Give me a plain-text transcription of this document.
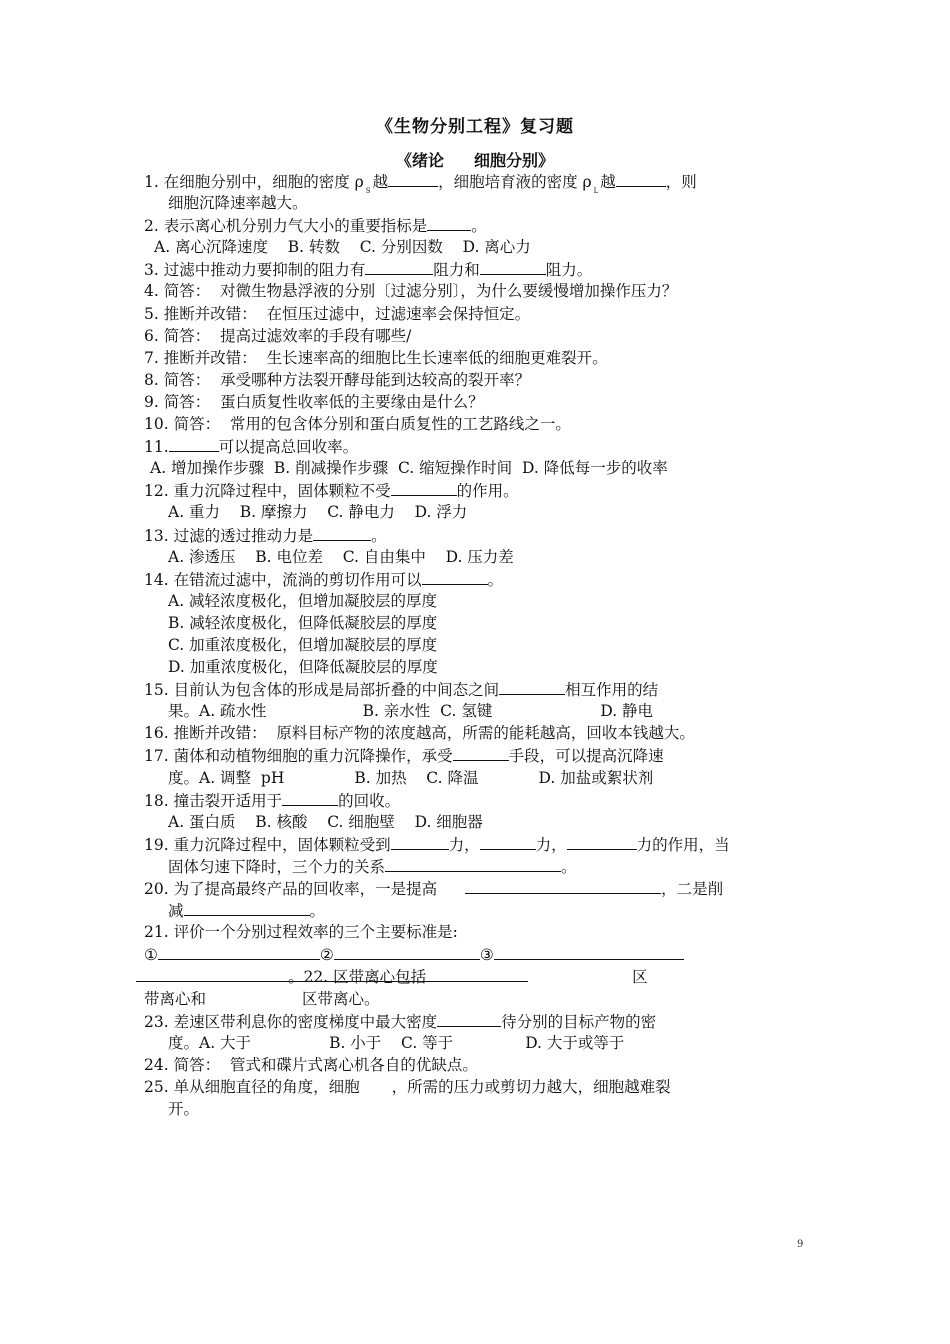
《生物分别工程》复习题
《绪论 细胞分别》
1. 在细胞分别中，细胞的密度 ρ $_S$ 越	，细胞培育液的密度 ρ $_L$ 越	，则
细胞沉降速率越大。
2. 表示离心机分别力气大小的重要指标是	。
A. 离心沉降速度    B. 转数    C. 分别因数    D. 离心力
3. 过滤中推动力要抑制的阻力有	阻力和	阻力。
4. 简答：  对微生物悬浮液的分别〔过滤分别〕，为什么要缓慢增加操作压力？
5. 推断并改错：  在恒压过滤中，过滤速率会保持恒定。
6. 简答：  提高过滤效率的手段有哪些/
7. 推断并改错：  生长速率高的细胞比生长速率低的细胞更难裂开。
8. 简答：  承受哪种方法裂开酵母能到达较高的裂开率？
9. 简答：  蛋白质复性收率低的主要缘由是什么？
10. 简答：  常用的包含体分别和蛋白质复性的工艺路线之一。
11.	可以提高总回收率。
A. 增加操作步骤  B. 削减操作步骤  C. 缩短操作时间  D. 降低每一步的收率
12. 重力沉降过程中，固体颗粒不受	的作用。
A. 重力    B. 摩擦力    C. 静电力    D. 浮力
13. 过滤的透过推动力是	。
A. 渗透压    B. 电位差    C. 自由集中    D. 压力差
14. 在错流过滤中，流淌的剪切作用可以	。
A. 减轻浓度极化，但增加凝胶层的厚度
B. 减轻浓度极化，但降低凝胶层的厚度
C. 加重浓度极化，但增加凝胶层的厚度
D. 加重浓度极化，但降低凝胶层的厚度
15. 目前认为包含体的形成是局部折叠的中间态之间	相互作用的结
果。A. 疏水性	B. 亲水性  C. 氢键	D. 静电
16. 推断并改错：  原料目标产物的浓度越高，所需的能耗越高，回收本钱越大。
17. 菌体和动植物细胞的重力沉降操作，承受	手段，可以提高沉降速
度。A. 调整  pH	B. 加热    C. 降温	D. 加盐或絮状剂
18. 撞击裂开适用于	的回收。
A. 蛋白质    B. 核酸    C. 细胞壁    D. 细胞器
19. 重力沉降过程中，固体颗粒受到	力，	力，	力的作用，当
固体匀速下降时，三个力的关系	。
20. 为了提高最终产品的回收率，一是提高	，二是削
减	。
21. 评价一个分别过程效率的三个主要标准是:
①	②	③
。22. 区带离心包括	区
带离心和	区带离心。
23. 差速区带利息你的密度梯度中最大密度	待分别的目标产物的密
度。A. 大于	B. 小于    C. 等于	D. 大于或等于
24. 简答：  管式和碟片式离心机各自的优缺点。
25. 单从细胞直径的角度，细胞 ，所需的压力或剪切力越大，细胞越难裂
开。
9
